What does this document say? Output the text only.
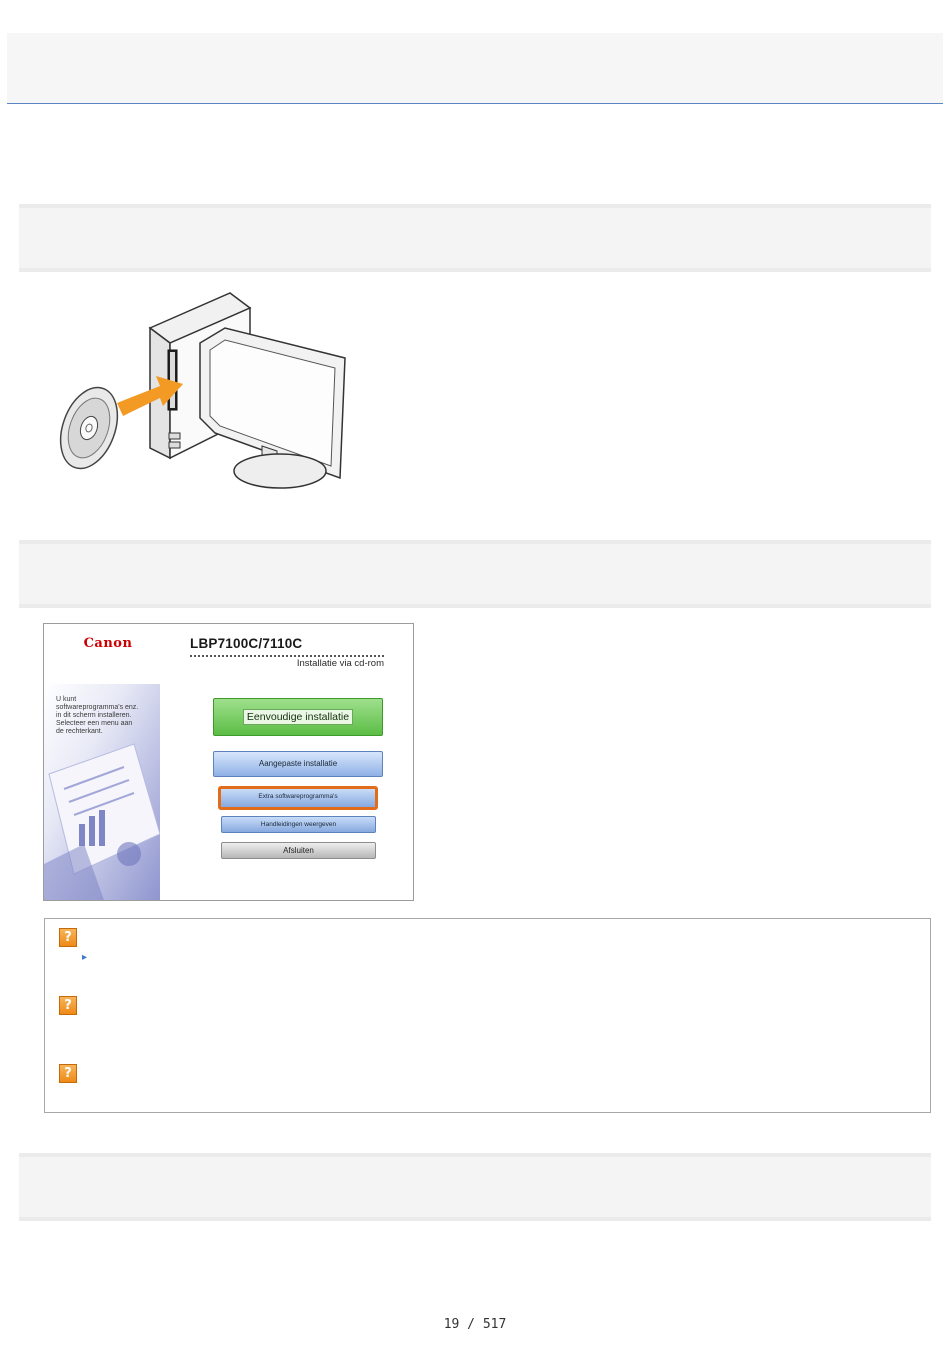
Canon
U kunt
softwareprogramma's enz.
in dit scherm installeren.
Selecteer een menu aan
de rechterkant.
LBP7100C/7110C
Installatie via cd-rom
Eenvoudige installatie
Aangepaste installatie
Extra softwareprogramma's
Handleidingen weergeven
Afsluiten
?
▸
?
?
19 / 517
